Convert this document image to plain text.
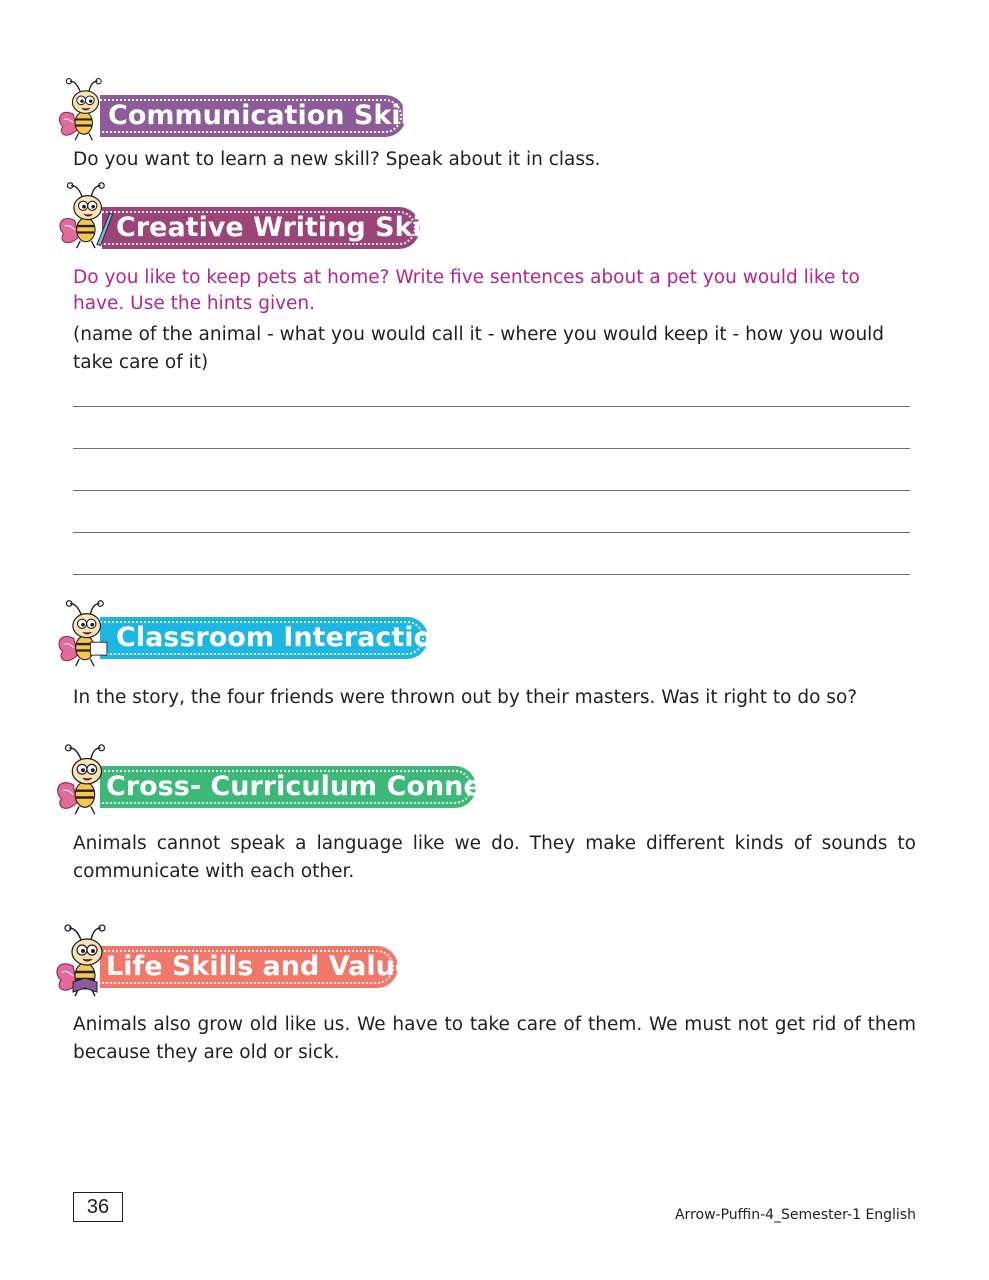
Communication Skills

Do you want to learn a new skill? Speak about it in class.

Creative Writing Skills

Do you like to keep pets at home? Write five sentences about a pet you would like to have. Use the hints given.

(name of the animal - what you would call it - where you would keep it - how you would take care of it)

Classroom Interaction

In the story, the four friends were thrown out by their masters. Was it right to do so?

Cross- Curriculum Connect

Animals cannot speak a language like we do. They make different kinds of sounds to communicate with each other.

Life Skills and Values

Animals also grow old like us. We have to take care of them. We must not get rid of them because they are old or sick.

36	Arrow-Puffin-4_Semester-1 English
